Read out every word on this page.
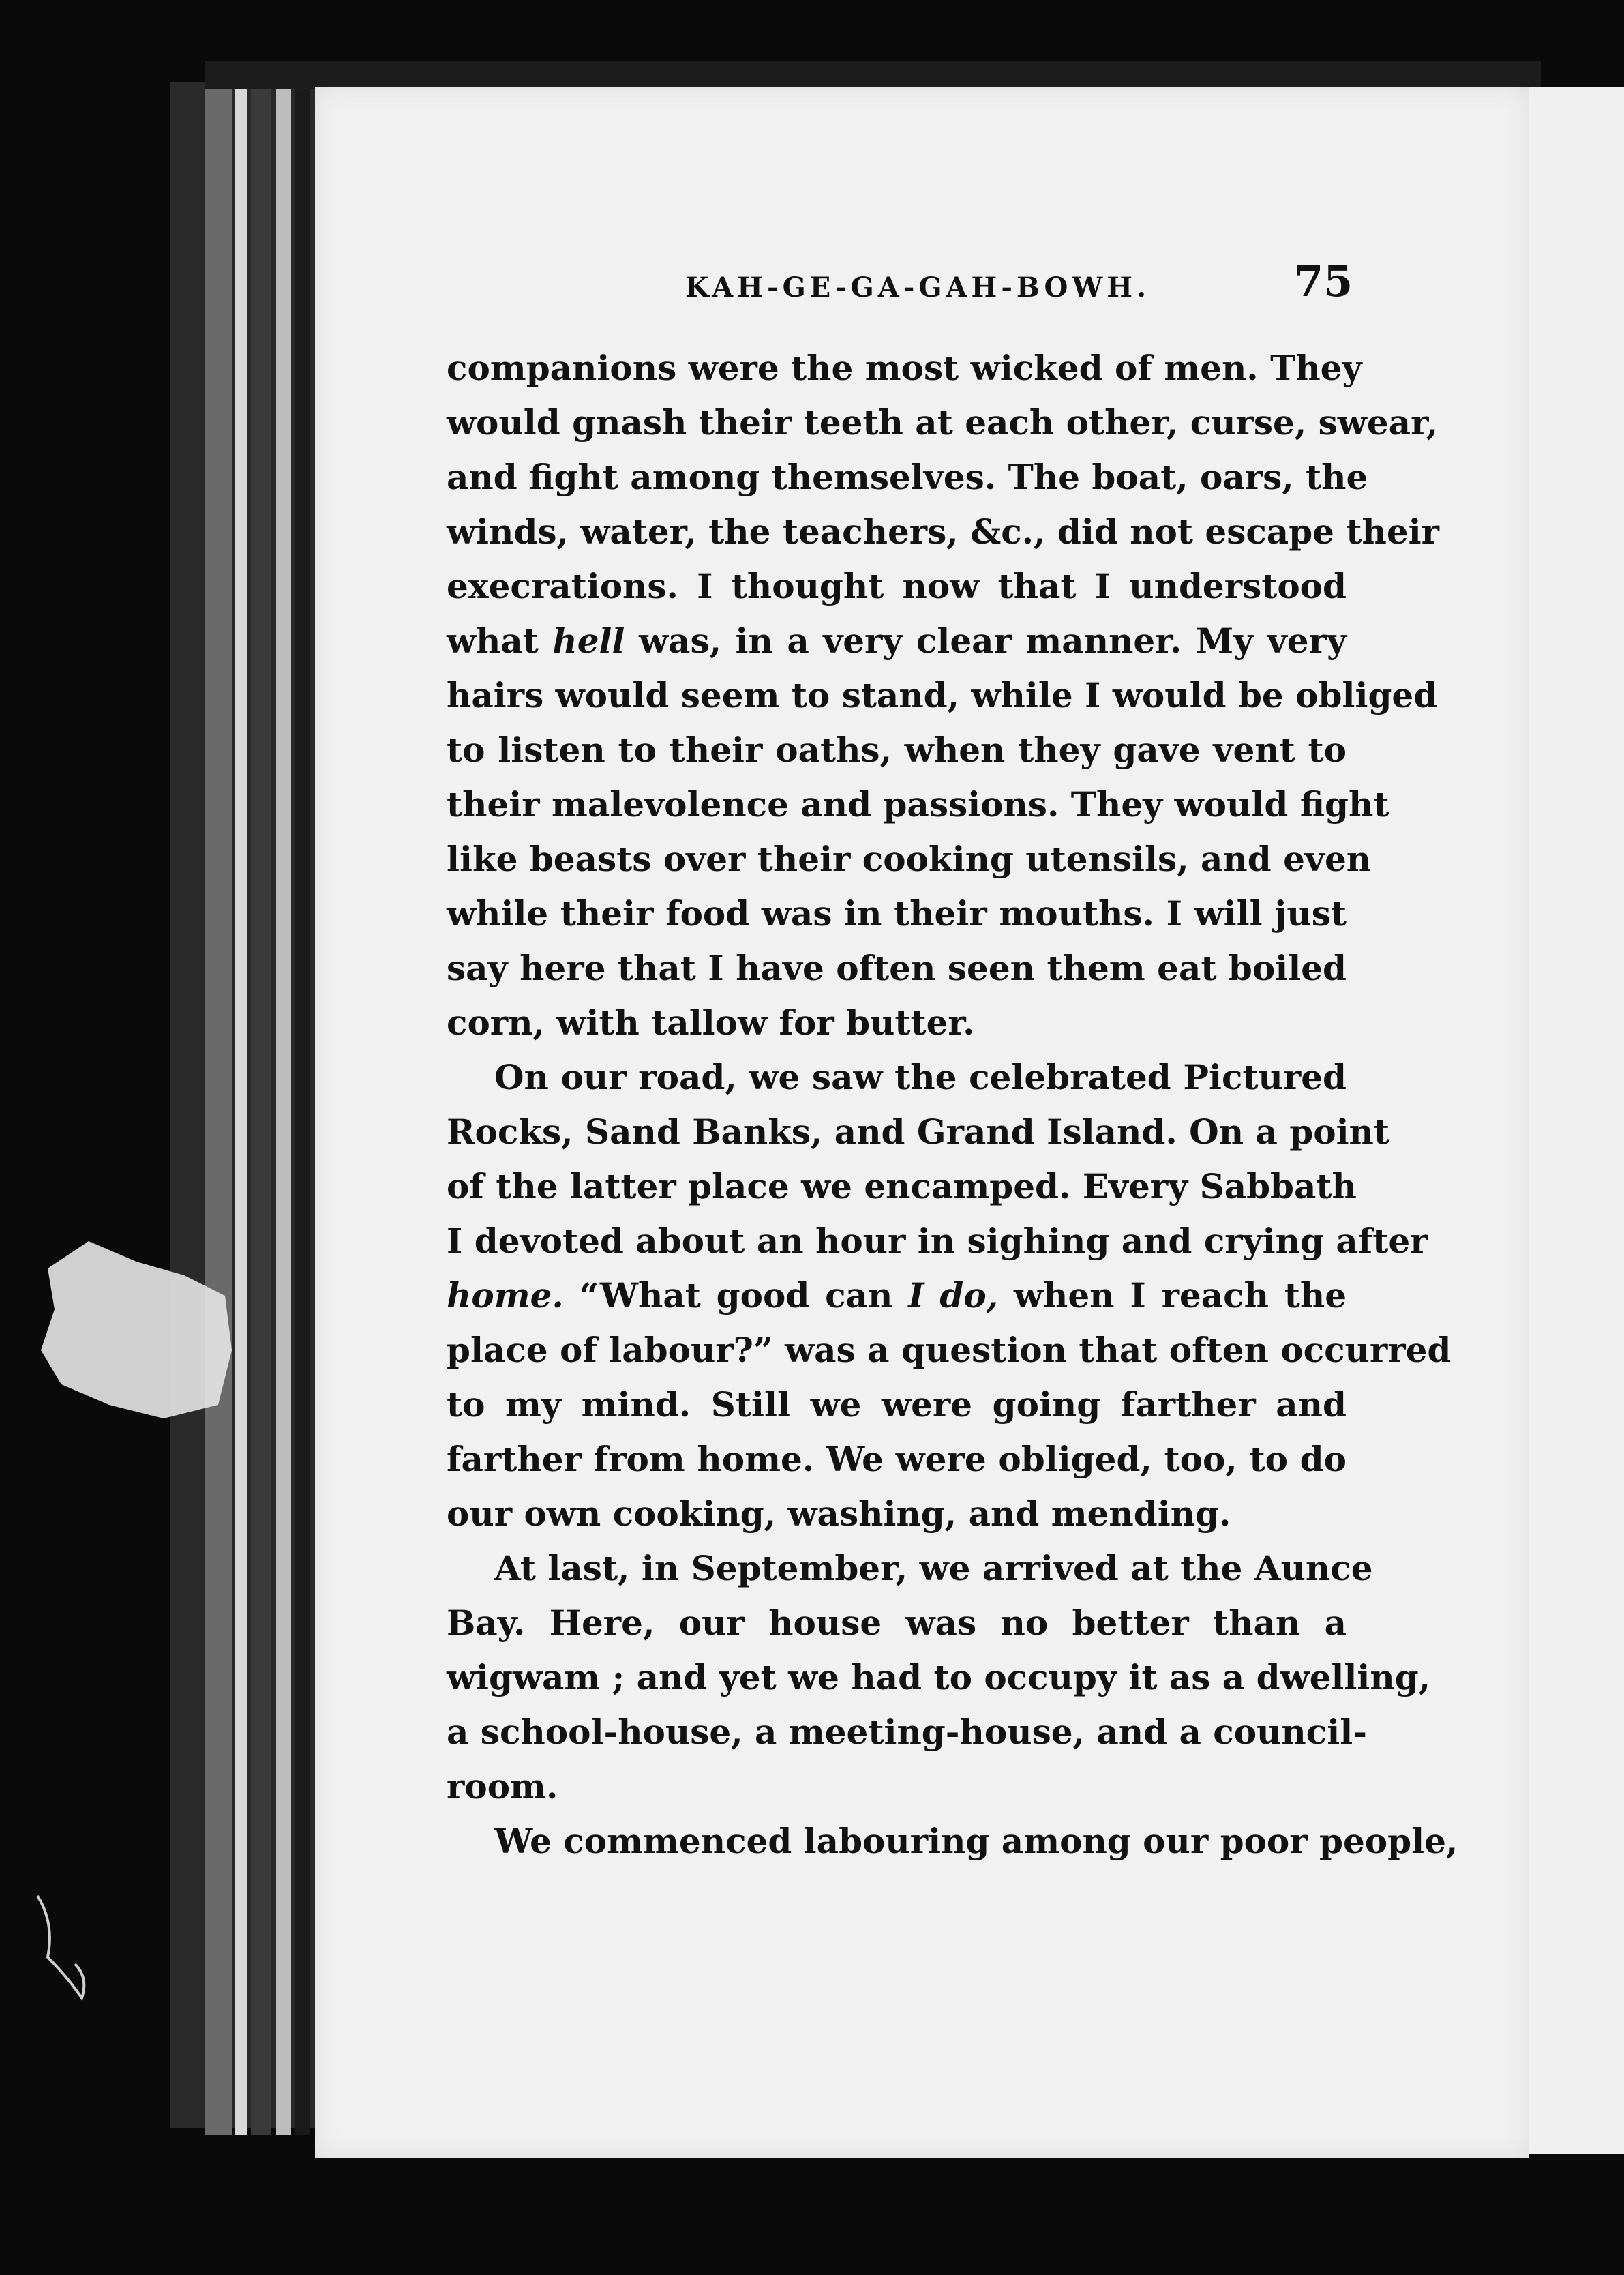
KAH-GE-GA-GAH-BOWH.	75
companions were the most wicked of men. They
would gnash their teeth at each other, curse, swear,
and fight among themselves. The boat, oars, the
winds, water, the teachers, &c., did not escape their
execrations. I thought now that I understood
what hell was, in a very clear manner. My very
hairs would seem to stand, while I would be obliged
to listen to their oaths, when they gave vent to
their malevolence and passions. They would fight
like beasts over their cooking utensils, and even
while their food was in their mouths. I will just
say here that I have often seen them eat boiled
corn, with tallow for butter.
On our road, we saw the celebrated Pictured
Rocks, Sand Banks, and Grand Island. On a point
of the latter place we encamped. Every Sabbath
I devoted about an hour in sighing and crying after
home. “What good can I do, when I reach the
place of labour?” was a question that often occurred
to my mind. Still we were going farther and
farther from home. We were obliged, too, to do
our own cooking, washing, and mending.
At last, in September, we arrived at the Aunce
Bay. Here, our house was no better than a
wigwam ; and yet we had to occupy it as a dwelling,
a school-house, a meeting-house, and a council-
room.
We commenced labouring among our poor people,
